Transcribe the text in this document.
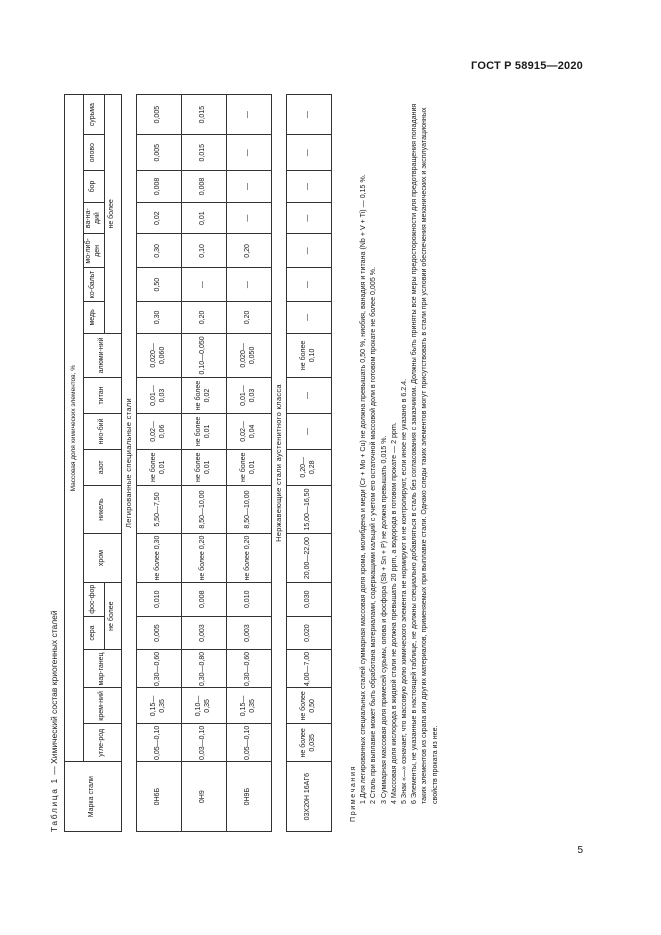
ГОСТ Р 58915—2020
Таблица 1 — Химический состав криогенных сталей
Марка стали	Массовая доля химических элементов, %																	
	угле-род	крем-ний	мар-ганец	сера	фос-фор	хром	никель	азот	нио-бий	титан	алюми-ний	медь	ко-бальт	мо-либ-ден	ва-на-дий	бор	олово	сурьма
				не более								не более						
Легированные специальные стали																		
0Н6Б	0,05—0,10	0,15—0,35	0,30—0,60	0,005	0,010	не более 0,30	5,50—7,50	не более 0,01	0,02—0,06	0,01—0,03	0,020—0,060	0,30	0,50	0,30	0,02	0,008	0,005	0,005
0Н9	0,03—0,10	0,10—0,35	0,30—0,80	0,003	0,008	не более 0,20	8,50—10,00	не более 0,01	не более 0,01	не более 0,02	0,10—0,050	0,20	—	0,10	0,01	0,008	0,015	0,015
0Н9Б	0,05—0,10	0,15—0,35	0,30—0,60	0,003	0,010	не более 0,20	8,50—10,00	не более 0,01	0,02—0,04	0,01—0,03	0,020—0,050	0,20	—	0,20	—	—	—	—
Нержавеющие стали аустенитного класса																		
03Х20Н 16АГ6	не более 0,035	не более 0,50	4,00—7,00	0,020	0,030	20,00—22,00	15,00—16,50	0,20—0,28	—	—	не более 0,10	—	—	—	—	—	—	—
Примечания 1 Для легированных специальных сталей суммарная массовая доля хрома, молибдена и меди (Cr + Mo + Cu) не должна превышать 0,50 %, ниобия, ванадия и титана (Nb + V + Ti) — 0,15 %. 2 Сталь при выплавке может быть обработана материалами, содержащими кальций с учетом его остаточной массовой доли в готовом прокате не более 0,005 %. 3 Суммарная массовая доля примесей сурьмы, олова и фосфора (Sb + Sn + P) не должна превышать 0,015 %. 4 Массовая доля кислорода в жидкой стали не должна превышать 20 ppm, а водорода в готовом прокате — 2 ppm. 5 Знак «—» означает, что массовую долю химического элемента не нормируют и не контролируют, если иное не указано в 6.2.4. 6 Элементы, не указанные в настоящей таблице, не должны специально добавляться в сталь без согласования с заказчиком. Должны быть приняты все меры предосторожности для предотвращения попадания таких элементов из скрапа или других материалов, применяемых при выплавке стали. Однако следы таких элементов могут присутствовать в стали при условии обеспечения механических и эксплуатационных свойств проката из нее.
5
